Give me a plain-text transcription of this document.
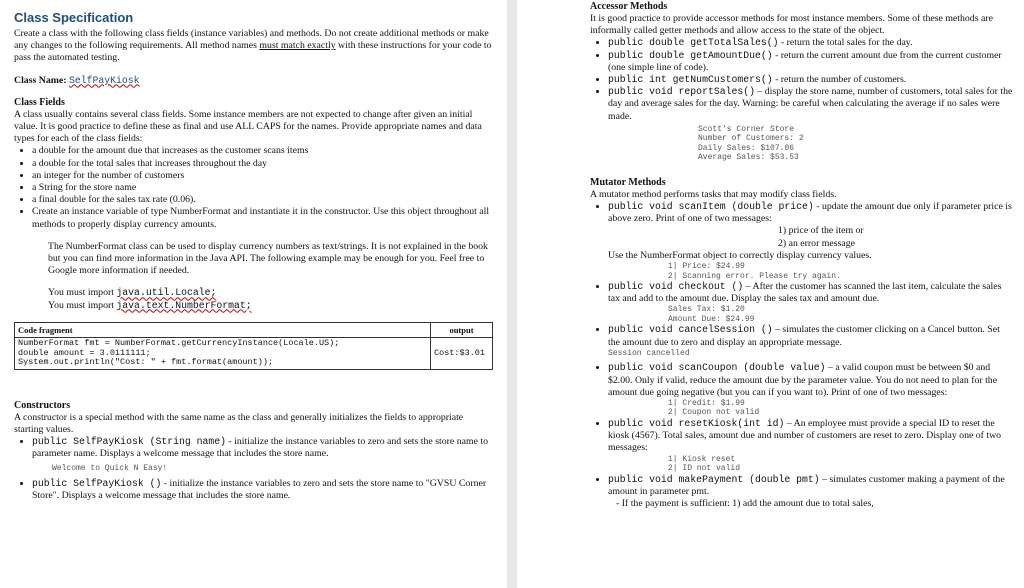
Class Specification

Create a class with the following class fields (instance variables) and methods. Do not create additional methods or make any changes to the following requirements. All method names must match exactly with these instructions for your code to pass the automated testing.

Class Name: SelfPayKiosk

Class Fields

A class usually contains several class fields. Some instance members are not expected to change after given an initial value. It is good practice to define these as final and use ALL CAPS for the names. Provide appropriate names and data types for each of the class fields:

• a double for the amount due that increases as the customer scans items
• a double for the total sales that increases throughout the day
• an integer for the number of customers
• a String for the store name
• a final double for the sales tax rate (0.06).
• Create an instance variable of type NumberFormat and instantiate it in the constructor. Use this object throughout all methods to properly display currency amounts.

The NumberFormat class can be used to display currency numbers as text/strings. It is not explained in the book but you can find more information in the Java API. The following example may be enough for you. Feel free to Google more information if needed.

You must import java.util.Locale;

You must import java.text.NumberFormat;

Code fragment	output

NumberFormat fmt = NumberFormat.getCurrencyInstance(Locale.US);
double amount = 3.0111111;
System.out.println("Cost: " + fmt.format(amount));	Cost:$3.01
Constructors

A constructor is a special method with the same name as the class and generally initializes the fields to appropriate starting values.

• public SelfPayKiosk (String name) - initialize the instance variables to zero and sets the store name to parameter name. Displays a welcome message that includes the store name.
Welcome to Quick N Easy!
• public SelfPayKiosk () - initialize the instance variables to zero and sets the store name to "GVSU Corner Store". Displays a welcome message that includes the store name.
Accessor Methods

It is good practice to provide accessor methods for most instance members. Some of these methods are informally called getter methods and allow access to the state of the object.

• public double getTotalSales() - return the total sales for the day.
• public double getAmountDue() - return the current amount due from the current customer (one simple line of code).
• public int getNumCustomers() - return the number of customers.
• public void reportSales() – display the store name, number of customers, total sales for the day and average sales for the day. Warning: be careful when calculating the average if no sales were made.
Scott's Corner Store
Number of Customers: 2
Daily Sales: $107.06
Average Sales: $53.53
Mutator Methods

A mutator method performs tasks that may modify class fields.

• public void scanItem (double price) - update the amount due only if parameter price is above zero. Print of one of two messages:
1) price of the item or
2) an error message
Use the NumberFormat object to correctly display currency values.
1| Price: $24.99
2| Scanning error. Please try again.
• public void checkout () – After the customer has scanned the last item, calculate the sales tax and add to the amount due. Display the sales tax and amount due.
Sales Tax: $1.20
Amount Due: $24.99
• public void cancelSession () – simulates the customer clicking on a Cancel button. Set the amount due to zero and display an appropriate message.
Session cancelled
• public void scanCoupon (double value) – a valid coupon must be between $0 and $2.00. Only if valid, reduce the amount due by the parameter value. You do not need to plan for the amount due going negative (but you can if you want to). Print of one of two messages:
1| Credit: $1.99
2| Coupon not valid
• public void resetKiosk(int id) – An employee must provide a special ID to reset the kiosk (4567). Total sales, amount due and number of customers are reset to zero. Display one of two messages:
1| Kiosk reset
2| ID not valid
• public void makePayment (double pmt) – simulates customer making a payment of the amount in parameter pmt.
- If the payment is sufficient: 1) add the amount due to total sales,
